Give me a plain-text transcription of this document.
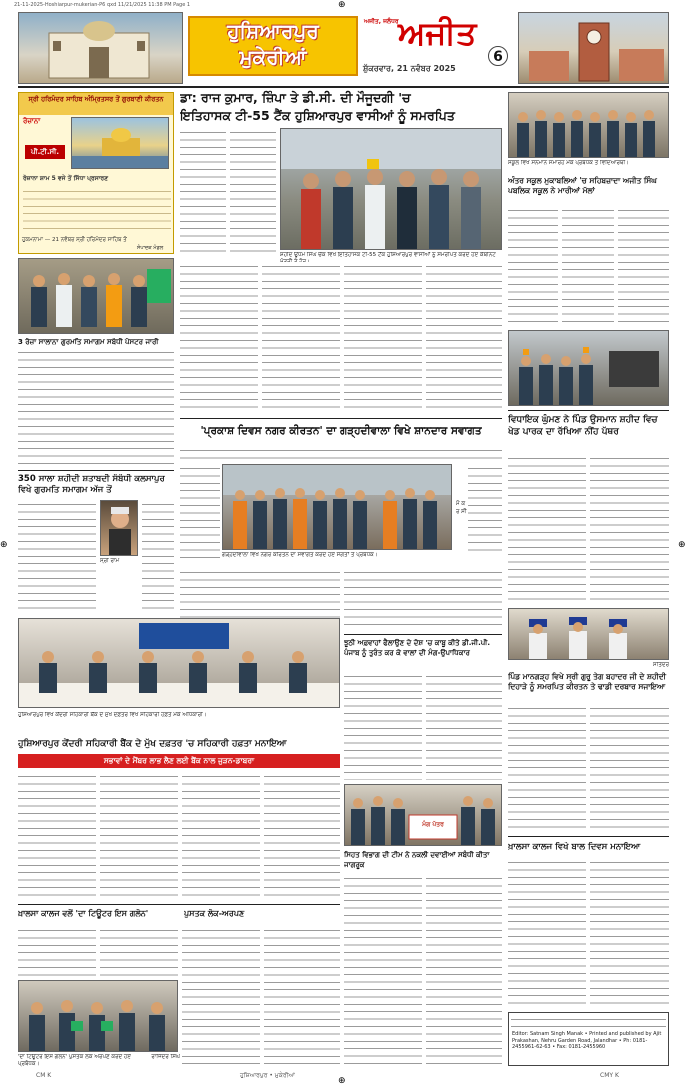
⊕
⊕
⊕	⊕
21-11-2025-Hoshiarpur-mukerian-P6 qxd 11/21/2025 11:38 PM Page 1
ਹੁਸ਼ਿਆਰਪੁਰ
ਮੁਕੇਰੀਆਂ
ਅਜੀਤ, ਜਲੰਧਰ ਅਜੀਤ
ਸ਼ੁੱਕਰਵਾਰ, 21 ਨਵੰਬਰ 2025
6
ਸ੍ਰੀ ਹਰਿਮੰਦਰ ਸਾਹਿਬ ਅੰਮ੍ਰਿਤਸਰ ਤੋਂ ਗੁਰਬਾਣੀ ਕੀਰਤਨ
ਰੋਜ਼ਾਨਾ
ਪੀ.ਟੀ.ਸੀ.
ਰੋਜ਼ਾਨਾ ਸ਼ਾਮ 5 ਵਜੇ ਤੋਂ ਸਿੱਧਾ ਪ੍ਰਸਾਰਣ
ਹੁਕਮਨਾਮਾ — 21 ਨਵੰਬਰ ਸ੍ਰੀ ਹਰਿਮੰਦਰ ਸਾਹਿਬ ਤੋਂ
ਸੰਪਾਦਕ ਮੰਡਲ
3 ਰੋਜ਼ਾ ਸਾਲਾਨਾ ਗੁਰਮਤਿ ਸਮਾਗਮ ਸਬੰਧੀ ਪੋਸਟਰ ਜਾਰੀ
350 ਸਾਲਾ ਸ਼ਹੀਦੀ ਸ਼ਤਾਬਦੀ ਸੰਬੰਧੀ ਕਲਸਾਪੁਰ ਵਿਖੇ ਗੁਰਮਤਿ ਸਮਾਗਮ ਅੱਜ ਤੋਂ
ਸ੍ਰੀ ਰਾਮ
ਡਾ: ਰਾਜ ਕੁਮਾਰ, ਜ਼ਿੰਪਾ ਤੇ ਡੀ.ਸੀ. ਦੀ ਮੌਜੂਦਗੀ 'ਚ
ਇਤਿਹਾਸਕ ਟੀ-55 ਟੈਂਕ ਹੁਸ਼ਿਆਰਪੁਰ ਵਾਸੀਆਂ ਨੂੰ ਸਮਰਪਿਤ
ਸ਼ਹੀਦ ਊਧਮ ਸਿੰਘ ਚੌਕ ਵਿਖੇ ਇਤਿਹਾਸਕ ਟੀ-55 ਟੈਂਕ ਹੁਸ਼ਿਆਰਪੁਰ ਵਾਸੀਆਂ ਨੂੰ ਸਮਰਪਿਤ ਕਰਦੇ ਹੋਏ ਕੈਬਨਿਟ
ਸਕੂਲ ਵਿਖੇ ਸਨਮਾਨ ਸਮਾਰੋਹ ਮੌਕੇ ਪ੍ਰਬੰਧਕ ਤੇ ਵਿਦਿਆਰਥੀ।
ਅੰਤਰ ਸਕੂਲ ਮੁਕਾਬਲਿਆਂ 'ਚ ਸਹਿਬਜ਼ਾਦਾ ਅਜੀਤ ਸਿੰਘ ਪਬਲਿਕ ਸਕੂਲ ਨੇ ਮਾਰੀਆਂ ਮੱਲਾਂ
'ਪ੍ਰਕਾਸ਼ ਦਿਵਸ ਨਗਰ ਕੀਰਤਨ' ਦਾ ਗੜ੍ਹਦੀਵਾਲਾ ਵਿਖੇ ਸ਼ਾਨਦਾਰ ਸਵਾਗਤ
ਮੌ ਕ ਰ ਸੀ
ਗੜ੍ਹਦੀਵਾਲਾ ਵਿਖੇ ਨਗਰ ਕੀਰਤਨ ਦਾ ਸਵਾਗਤ ਕਰਦੇ ਹੋਏ ਸੰਗਤਾਂ ਤੇ ਪ੍ਰਬੰਧਕ।
ਹੁਸ਼ਿਆਰਪੁਰ ਵਿਖੇ ਕੇਂਦਰੀ ਸਹਿਕਾਰੀ ਬੈਂਕ ਦੇ ਮੁੱਖ ਦਫ਼ਤਰ ਵਿਖੇ ਸਹਿਕਾਰੀ ਹਫ਼ਤੇ ਮੌਕੇ ਅਧਿਕਾਰੀ।
ਹੁਸ਼ਿਆਰਪੁਰ ਕੇਂਦਰੀ ਸਹਿਕਾਰੀ ਬੈਂਕ ਦੇ ਮੁੱਖ ਦਫ਼ਤਰ 'ਚ ਸਹਿਕਾਰੀ ਹਫ਼ਤਾ ਮਨਾਇਆ
ਸਭਾਵਾਂ ਦੇ ਮੈਂਬਰ ਲਾਭ ਲੈਣ ਲਈ ਬੈਂਕ ਨਾਲ ਜੁੜਨ-ਡਾਬਰਾ
ਖ਼ਾਲਸਾ ਕਾਲਜ ਵਲੋਂ 'ਦਾ ਟਿਊਟਰ ਇਸ ਗਲੋਨ'	ਪੁਸਤਕ ਲੋਕ-ਅਰਪਣ
'ਦਾ ਟਿਊਟਰ ਇਸ ਗਲੋਨ' ਪੁਸਤਕ ਲੋਕ ਅਰਪਣ ਕਰਦੇ ਹੋਏ ਪ੍ਰਬੰਧਕ।
ਰਾਜਿੰਦਰ ਸਿੰਘ
ਝੂਠੀ ਅਫ਼ਵਾਹਾਂ ਫੈਲਾਉਣ ਦੇ ਦੋਸ਼ 'ਚ ਕਾਬੂ ਕੀਤੇ ਡੀ.ਜੀ.ਪੀ. ਪੰਜਾਬ ਨੂੰ ਤੁਰੰਤ ਕਰ ਕੇ ਵਾਲਾਂ ਦੀ ਮੰਗ-ਉਪਾਧਿਕਾਰ
ਮੰਗ ਪੱਤਰ
ਸਿਹਤ ਵਿਭਾਗ ਦੀ ਟੀਮ ਨੇ ਨਕਲੀ ਦਵਾਈਆਂ ਸਬੰਧੀ ਕੀਤਾ ਜਾਗਰੂਕ
ਵਿਧਾਇਕ ਘੁੰਮਣ ਨੇ ਪਿੰਡ ਉਸਮਾਨ ਸ਼ਹੀਦ ਵਿਚ ਖੇਡ ਪਾਰਕ ਦਾ ਰੱਖਿਆ ਨੀਂਹ ਪੱਥਰ
ਸਤਿੰਦਰ
ਪਿੰਡ ਮਾਨਗੜ੍ਹ ਵਿਖੇ ਸ੍ਰੀ ਗੁਰੂ ਤੇਗ ਬਹਾਦਰ ਜੀ ਦੇ ਸ਼ਹੀਦੀ ਦਿਹਾੜੇ ਨੂੰ ਸਮਰਪਿਤ ਕੀਰਤਨ ਤੇ ਢਾਡੀ ਦਰਬਾਰ ਸਜਾਇਆ
ਖ਼ਾਲਸਾ ਕਾਲਜ ਵਿਖੇ ਬਾਲ ਦਿਵਸ ਮਨਾਇਆ
Editor: Satnam Singh Manak • Printed and published by Ajit Prakashan, Nehru Garden Road, Jalandhar • Ph: 0181-2455961-62-63 • Fax: 0181-2455960
CM K	ਹੁਸ਼ਿਆਰਪੁਰ • ਮੁਕੇਰੀਆਂ	CMY K
